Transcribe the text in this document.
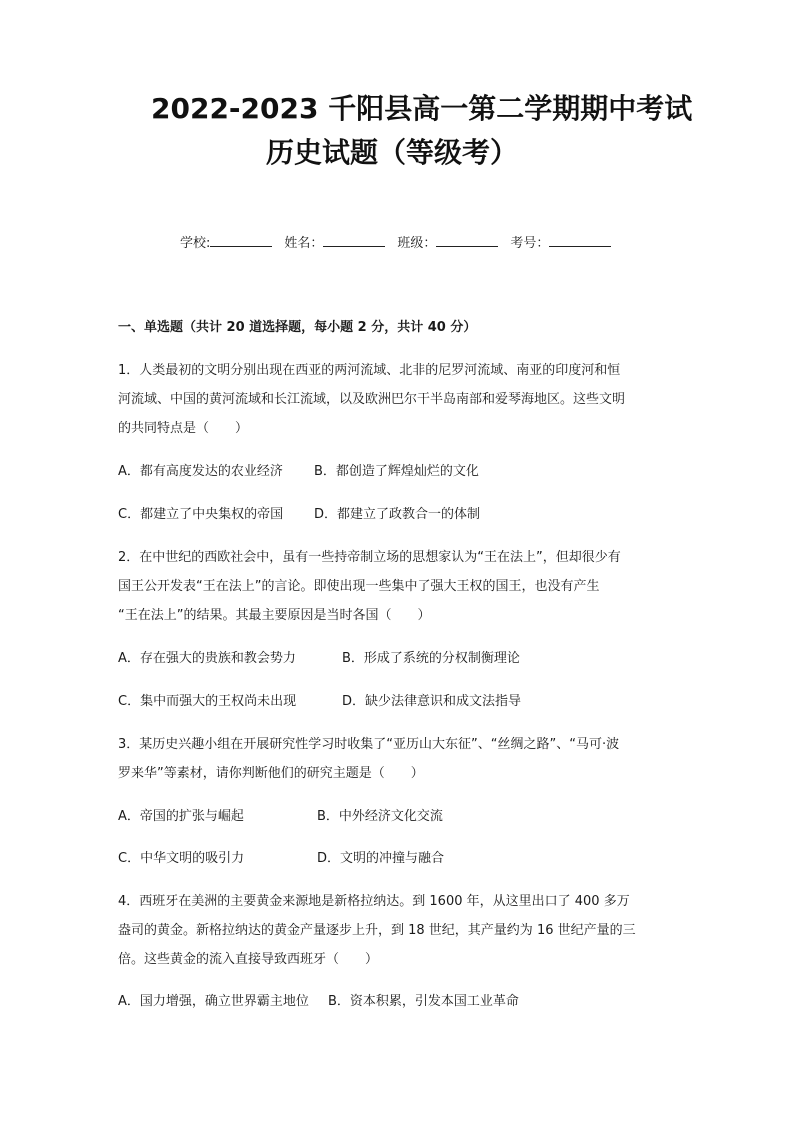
2022-2023 千阳县高一第二学期期中考试
历史试题（等级考）
学校:	姓名：	班级：	考号：
一、单选题（共计 20 道选择题，每小题 2 分，共计 40 分）
1．人类最初的文明分别出现在西亚的两河流域、北非的尼罗河流域、南亚的印度河和恒
河流域、中国的黄河流域和长江流域，以及欧洲巴尔干半岛南部和爱琴海地区。这些文明
的共同特点是（　　）
A．都有高度发达的农业经济 B．都创造了辉煌灿烂的文化
C．都建立了中央集权的帝国 D．都建立了政教合一的体制
2．在中世纪的西欧社会中，虽有一些持帝制立场的思想家认为“王在法上”，但却很少有
国王公开发表“王在法上”的言论。即使出现一些集中了强大王权的国王，也没有产生
“王在法上”的结果。其最主要原因是当时各国（　　）
A．存在强大的贵族和教会势力	B．形成了系统的分权制衡理论
C．集中而强大的王权尚未出现	D．缺少法律意识和成文法指导
3．某历史兴趣小组在开展研究性学习时收集了“亚历山大东征”、“丝绸之路”、“马可·波
罗来华”等素材，请你判断他们的研究主题是（　　）
A．帝国的扩张与崛起	B．中外经济文化交流
C．中华文明的吸引力	D．文明的冲撞与融合
4．西班牙在美洲的主要黄金来源地是新格拉纳达。到 1600 年，从这里出口了 400 多万
盎司的黄金。新格拉纳达的黄金产量逐步上升，到 18 世纪，其产量约为 16 世纪产量的三
倍。这些黄金的流入直接导致西班牙（　　）
A．国力增强，确立世界霸主地位 B．资本积累，引发本国工业革命
